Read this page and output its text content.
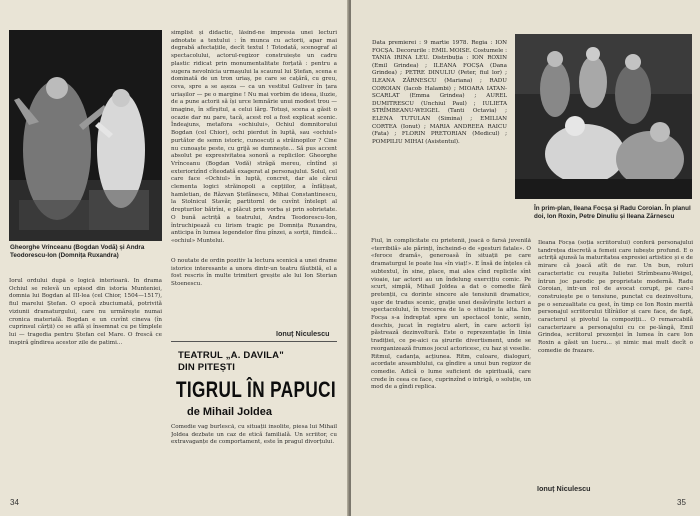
Gheorghe Vrînceanu (Bogdan Vodă) și Andra Teodorescu-Ion (Domnița Ruxandra)
simplist și didactic, lăsînd-ne impresia unei lecturi adnotate a textului : în munca cu actorii, apar mai degrabă afectațiile, decît textul ! Totodată, scenograf al spectacolului, actorul-regizor construiește un cadru plastic ridicat prin monumentalitate forțată : pentru a sugera nevolnicia urmașului la scaunul lui Ștefan, scena e dominată de un tron uriaș, pe care se cațără, cu greu, ceva, spre a se așeza — ca un vestitul Guliver în țara uriașilor — pe o margine ! Nu mai vorbim de ideea, iluzie, de a pune actorii să își urce lemnărie unui modest trou — imagine, în sfîrșitul, a celui lărg. Totuși, scena a găsit o ocazie dar nu pare, tacă, acest rol a fost explicat scenic. Îndeajuns, metafora «ochiului», Ochiul domnitorului Bogdan (cel Chior), ochi pierdut în luptă, sau «ochiul» purtător de semn istoric, cunoscuți a străinopilor ? Cine nu cunoaște peste, cu grijă se dumnește... Să pus accent absolut pe expresivitatea sonoră a replicilor. Gheorghe Vrînceanu (Bogdan Vodă) străgă mereu, cîntînd și exteriorizînd cîteodată exagerat al personajului. Solul, cel care face «Ochiul» în luptă, concret, dar ale cărui clementa logici străinopoli a cepțiilor, a înfățișat, hamletian, de Răzvan Ștefănescu, Mihai Constantinescu, la Stolnicul Stavăr, partitornl de cuvînt întelept al drepturilor bătrîni, e plăcut prin vorba și prin sobrietate. O bună actriță a teatrului, Andra Teodorescu-Ion, întruchipează cu lirism tragic pe Domnița Ruxandra, anticipa în lumea legendelor fînu pînzei, a sorții, fiindcă... «ochiul» Muntelui.
O noutate de ordin pozitiv la lectura scenică a unei drame istorice interesante a unora dintr-un teatru făutbilă, el a fost rescris în multe trimiteri greșite ale lui Ion Sterian Stoenescu.
Ionuț Niculescu
Iorul ordului după o logică interioară. În drama Ochiul se relevă un episod din istoria Munteniei, domnia lui Bogdan al III-lea (cel Chior, 1504—1517), fiul marelui Ștefan. O epocă zbuciumată, potrivită viziunii dramaturgului, care nu urmărește numai cronica materială. Bogdan e un cuvînt cineva (în cuprinsul cărții) ce se află și însemnat cu pe tîmplele lui — tragedia pentru Ștefan cel Mare. O frescă ce inspiră gîndirea acestor zile de patimi...
TEATRUL „A. DAVILA"
DIN PITEȘTI
TIGRUL ÎN PAPUCI
de Mihail Joldea
Comedie vag burlescă, cu situații insolite, piesa lui Mihail Joldea dezbate un caz de etică familială. Un scriitor, cu extravaganțe de comportament, este în pragul divorțului.
34
Data premierei : 9 martie 1978. Regia : ION FOCȘA. Decorurile : EMIL MOISE. Costumele : TANIA IRINA LEU. Distribuția : ION ROXIN (Emil Grindea) ; ILEANA FOCȘA (Dana Grindea) ; PETRE DINULIU (Peter, fiul lor) ; ILEANA ZĂRNESCU (Mariana) ; RADU COROIAN (Iacob Halambi) ; MIOARA IATAN-SCARLAT (Emma Grindea) ; AUREL DUMITRESCU (Unchiul Paul) ; IULIETA STRÎMBEANU-WEIGEL (Tanti Octavia) ; ELENA TUTULAN (Simina) ; EMILIAN CORTEA (Ionut) ; MARIA ANDREEA RAICU (Fata) ; FLORIN PRETORIAN (Medicul) ; POMPILIU MIHAI (Asistentul).
În prim-plan, Ileana Focșa și Radu Coroian. În planul doi, Ion Roxin, Petre Dinuliu și Ileana Zărnescu
Fiul, în complicitate cu prietenii, joacă o farsă juvenilă «terribilă» ale părinți, încheind-o de «gesturi fatale». O «feroce dramă», generoasă în situații pe care dramaturgul le poate lua «în viaț!». E însă de înțeles că subtextul, în sine, place, mai ales cînd replicile sînt vioaie, iar actorii au un îndelung exercițiu comic. Pe scurt, simplă, Mihail Joldea a dat o comedie fără pretenții, cu dorinte sincere ale tensiunii dramatice, uşor de tradus scenic, grație unei desăvîrșite lecturi a spectacolului, în trecerea de la o situație la alta. Ion Focșa s-a îndreptat spre un spectacol tonic, senin, deschis, jucat în registru alert, în care actorii își păstrează dezinvoltură. Este o reprezentație în linia tradiției, ce pe-aici ca șirurile divertisment, unde se reorganizează frumos jocul actoricesc, cu haz și veselie. Ritmul, cadanța, acțiunea. Ritm, culoare, dialoguri, acordate ansamblului, ca gîndire a unui bun regizor de comedie. Adică o lume suficient de spirituală, care crede în ceea ce face, cuprinzînd o intrigă, o soluție, un mod de a gîndi replica.
Ileana Focșa (soția scriitorului) conferă personajului tandrețea discretă a femeii care iubește profund. E o actriță ajunsă la maturitatea expresiei artistice și e de mirare că joacă atît de rar. Un bun, roluri caracteristic cu reușita Iulietei Strîmbeanu-Weigel, întrun joc parodic pe proprietate modernă. Radu Coroian, intr-un rol de avocat corupt, pe care-l construiește pe o tensiune, punctat cu dezinvoltura, pe o senzualitate cu gest, în timp ce Ion Roxin merită personajul scriitorului tîlîrâilor și care face, de fapt, caracterul și pivotul la compoziții... O remarcabilă caracterizare a personajului cu ce pe-lângă, Emil Grindea, scriitorul prezenței în lumea în care Ion Roxin a găsit un lucru... și nimic mai mult decît o comedie de frazare.
Ionuț Niculescu
35
